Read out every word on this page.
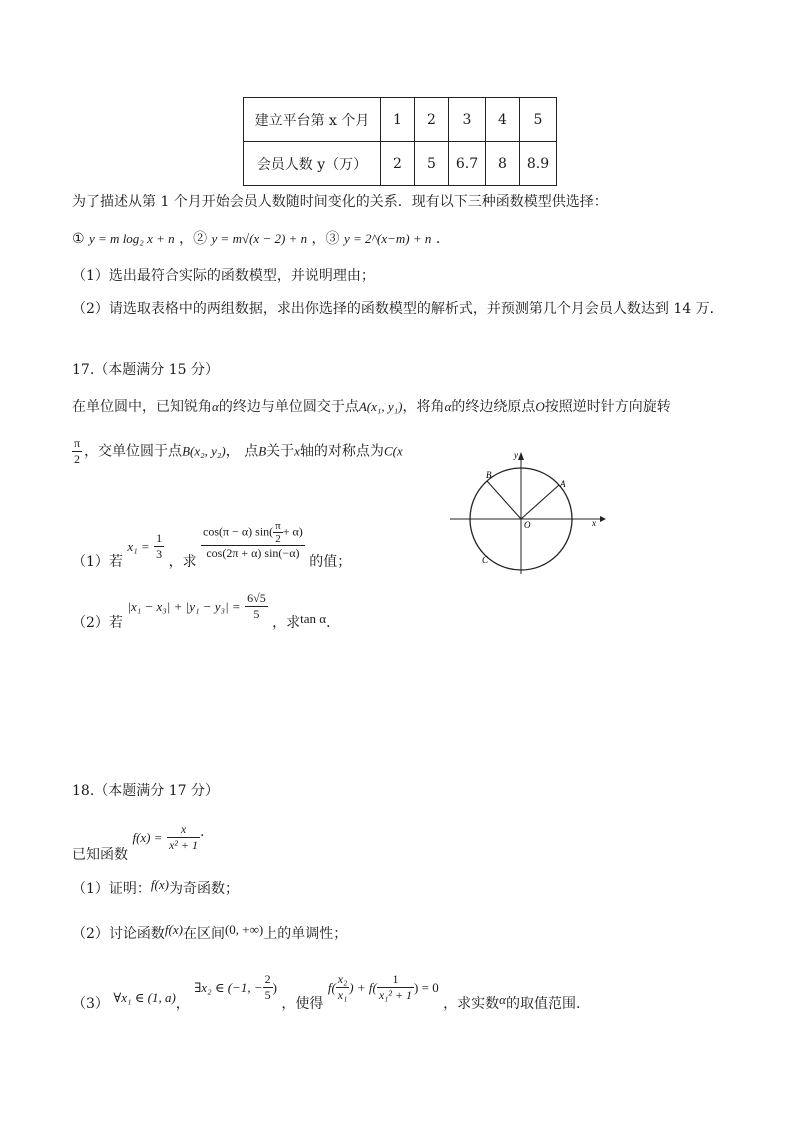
建立平台第 x 个月	1	2	3	4	5
会员人数 y（万）	2	5	6.7	8	8.9
为了描述从第 1 个月开始会员人数随时间变化的关系．现有以下三种函数模型供选择：
① y = m log₂ x + n ，② y = m√(x − 2) + n ，③ y = 2^(x−m) + n ．
（1）选出最符合实际的函数模型，并说明理由；
（2）请选取表格中的两组数据，求出你选择的函数模型的解析式，并预测第几个月会员人数达到 14 万．
17.（本题满分 15 分）
在单位圆中，已知锐角α的终边与单位圆交于点A(x₁, y₁)，将角α的终边绕原点O按照逆时针方向旋转
$\frac{\pi}{2}$ ，交单位圆于点B(x₂, y₂)， 点B关于x轴的对称点为C(x
（1）若 $x_1 = \frac{1}{3}$ ，求
$\frac{\cos(\pi - \alpha) \sin( \frac{\pi}{2} + \alpha)}{\cos(2\pi + \alpha) \sin(-\alpha)}$
的值；
（2）若 $|x_1 - x_3| + |y_1 - y_3| = \frac{6√5}{5}$
，求tan α．
y
x
O
A
B
C
18.（本题满分 17 分）
已知函数 $f(x) = \frac{x}{\text{x² + 1}}$ .
（1）证明：f(x)为奇函数；
（2）讨论函数f(x)在区间(0, +∞)上的单调性；
（3） ∀x₁ ∈ (1, a)， ∃x₂ ∈ (−1, − $\frac{2}{5}$ ) ，使得 $f( \frac{\text{x₂}}{\text{x₁}}$ ) + $f( \frac{1}{\text{x₁² + 1}}$ ) = 0 ，求实数α的取值范围.
